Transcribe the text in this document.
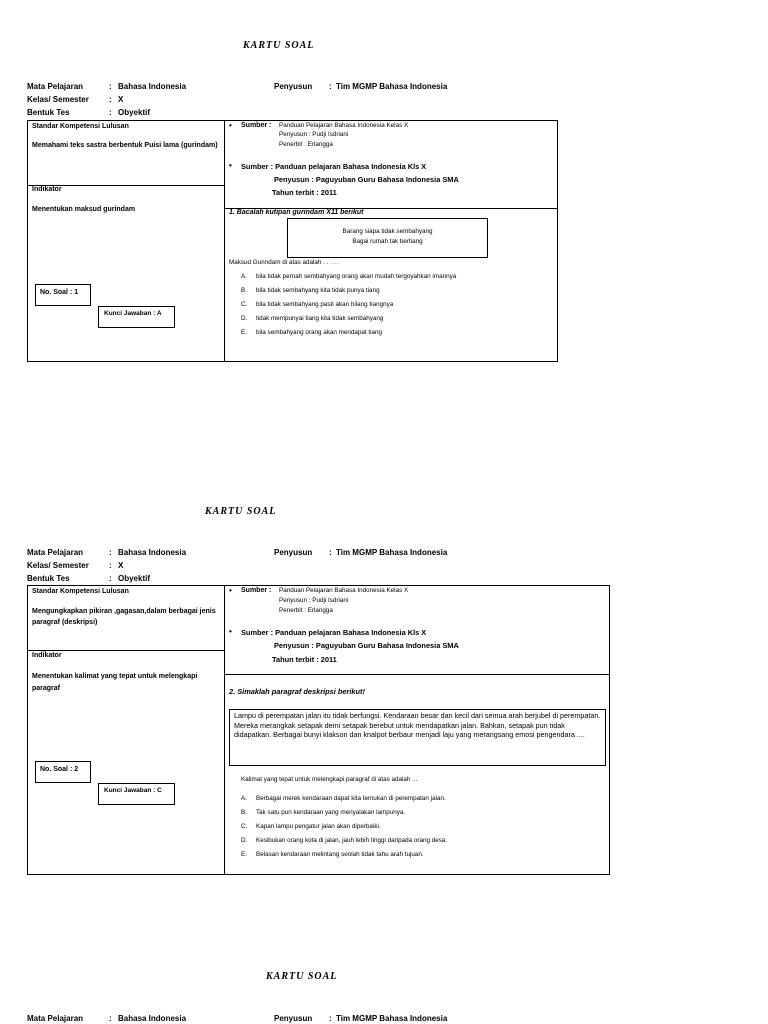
KARTU SOAL
Mata Pelajaran	: Bahasa Indonesia	Penyusun : Tim MGMP Bahasa Indonesia
Kelas/ Semester	: X
Bentuk Tes	: Obyektif
Standar Kompetensi Lulusan
Memahami teks sastra berbentuk Puisi lama (gurindam)
Indikator
Menentukan maksud gurindam
No. Soal : 1
Kunci Jawaban : A
• Sumber : Panduan Pelajaran Bahasa Indonesia Kelas X
Penyusun : Pudji Isdriani
Penerbit : Erlangga
• Sumber : Panduan pelajaran Bahasa Indonesia Kls X
Penyusun : Paguyuban Guru Bahasa Indonesia SMA
Tahun terbit : 2011
1. Bacalah kutipan gurindam X11 berikut
Barang siapa tidak sembahyang
Bagai rumah tak bertiang
Maksud Gurindam di atas adalah . . . . .
A. bila tidak pernah sembahyang orang akan mudah tergoyahkan imannya
B. bila tidak sembahyang kita tidak punya tiang
C. bila tidak sembahyang pasti akan hilang tiangnya
D. tidak mempunyai tiang kita tidak sembahyang
E. bila sembahyang orang akan mendapat tiang
KARTU SOAL
Mata Pelajaran	: Bahasa Indonesia	Penyusun : Tim MGMP Bahasa Indonesia
Kelas/ Semester	: X
Bentuk Tes	: Obyektif
Standar Kompetensi Lulusan
Mengungkapkan pikiran ,gagasan,dalam berbagai jenis paragraf (deskripsi)
Indikator
Menentukan kalimat yang tepat untuk melengkapi paragraf
No. Soal : 2
Kunci Jawaban : C
• Sumber : Panduan Pelajaran Bahasa Indonesia Kelas X
Penyusun : Pudji Isdriani
Penerbit : Erlangga
• Sumber : Panduan pelajaran Bahasa Indonesia Kls X
Penyusun : Paguyuban Guru Bahasa Indonesia SMA
Tahun terbit : 2011
2. Simaklah paragraf deskripsi berikut!
Lampu di perempatan jalan itu tidak berfungsi. Kendaraan besar dan kecil dari semua arah berjubel di perempatan. Mereka merangkak setapak demi setapak berebut untuk mendapatkan jalan. Bahkan, setapak pun tidak didapatkan. Berbagai bunyi klakson dan knalpot berbaur menjadi laju yang merangsang emosi pengendara ....
Kalimat yang tepat untuk melengkapi paragraf di atas adalah ...
A. Berbagai merek kendaraan dapat kita temukan di perempatan jalan.
B. Tak satu pun kendaraan yang menyalakan lampunya.
C. Kapan lampu pengatur jalan akan diperbaiki.
D. Kesibukan orang kota di jalan, jauh lebih tinggi daripada orang desa.
E. Belasan kendaraan melintang seolah tidak tahu arah tujuan.
KARTU SOAL
Mata Pelajaran	: Bahasa Indonesia	Penyusun : Tim MGMP Bahasa Indonesia
